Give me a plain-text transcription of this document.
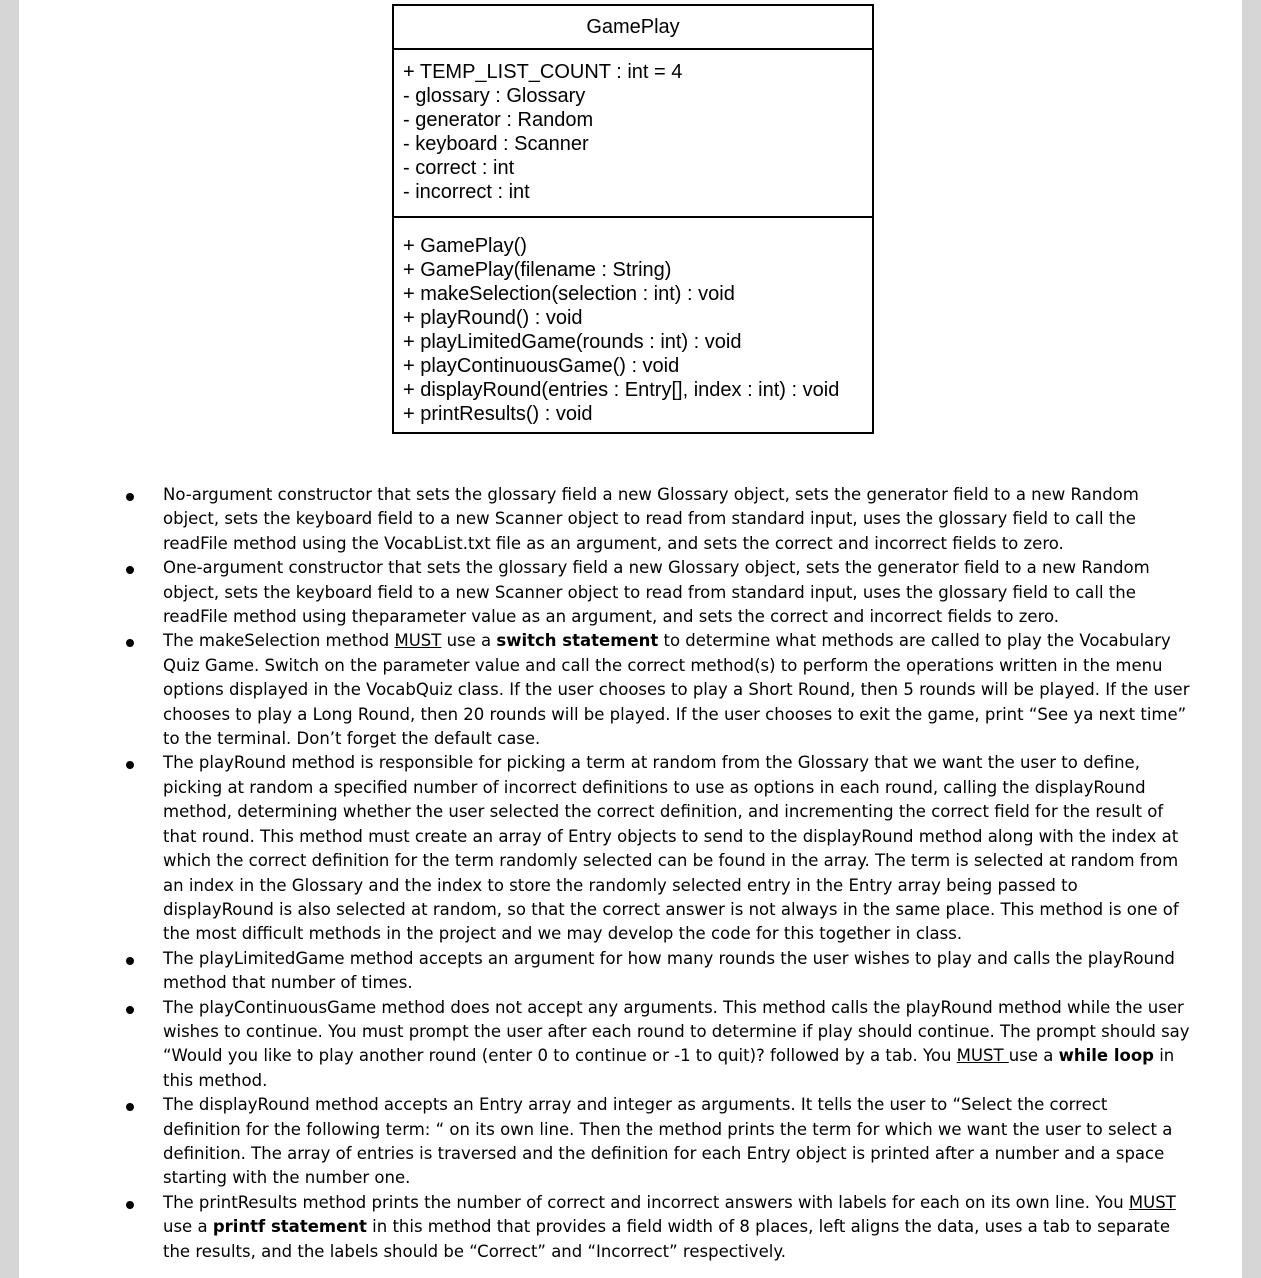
GamePlay
+ TEMP_LIST_COUNT : int = 4
- glossary : Glossary
- generator : Random
- keyboard : Scanner
- correct : int
- incorrect : int
+ GamePlay()
+ GamePlay(filename : String)
+ makeSelection(selection : int) : void
+ playRound() : void
+ playLimitedGame(rounds : int) : void
+ playContinuousGame() : void
+ displayRound(entries : Entry[], index : int) : void
+ printResults() : void
No-argument constructor that sets the glossary field a new Glossary object, sets the generator field to a new Random object, sets the keyboard field to a new Scanner object to read from standard input, uses the glossary field to call the readFile method using the VocabList.txt file as an argument, and sets the correct and incorrect fields to zero.
One-argument constructor that sets the glossary field a new Glossary object, sets the generator field to a new Random object, sets the keyboard field to a new Scanner object to read from standard input, uses the glossary field to call the readFile method using theparameter value as an argument, and sets the correct and incorrect fields to zero.
The makeSelection method MUST use a switch statement to determine what methods are called to play the Vocabulary Quiz Game. Switch on the parameter value and call the correct method(s) to perform the operations written in the menu options displayed in the VocabQuiz class. If the user chooses to play a Short Round, then 5 rounds will be played. If the user chooses to play a Long Round, then 20 rounds will be played. If the user chooses to exit the game, print “See ya next time” to the terminal. Don’t forget the default case.
The playRound method is responsible for picking a term at random from the Glossary that we want the user to define, picking at random a specified number of incorrect definitions to use as options in each round, calling the displayRound method, determining whether the user selected the correct definition, and incrementing the correct field for the result of that round. This method must create an array of Entry objects to send to the displayRound method along with the index at which the correct definition for the term randomly selected can be found in the array. The term is selected at random from an index in the Glossary and the index to store the randomly selected entry in the Entry array being passed to displayRound is also selected at random, so that the correct answer is not always in the same place. This method is one of the most difficult methods in the project and we may develop the code for this together in class.
The playLimitedGame method accepts an argument for how many rounds the user wishes to play and calls the playRound method that number of times.
The playContinuousGame method does not accept any arguments. This method calls the playRound method while the user wishes to continue. You must prompt the user after each round to determine if play should continue. The prompt should say “Would you like to play another round (enter 0 to continue or -1 to quit)? followed by a tab. You MUST use a while loop in this method.
The displayRound method accepts an Entry array and integer as arguments. It tells the user to “Select the correct definition for the following term: “ on its own line. Then the method prints the term for which we want the user to select a definition. The array of entries is traversed and the definition for each Entry object is printed after a number and a space starting with the number one.
The printResults method prints the number of correct and incorrect answers with labels for each on its own line. You MUST use a printf statement in this method that provides a field width of 8 places, left aligns the data, uses a tab to separate the results, and the labels should be “Correct” and “Incorrect” respectively.
